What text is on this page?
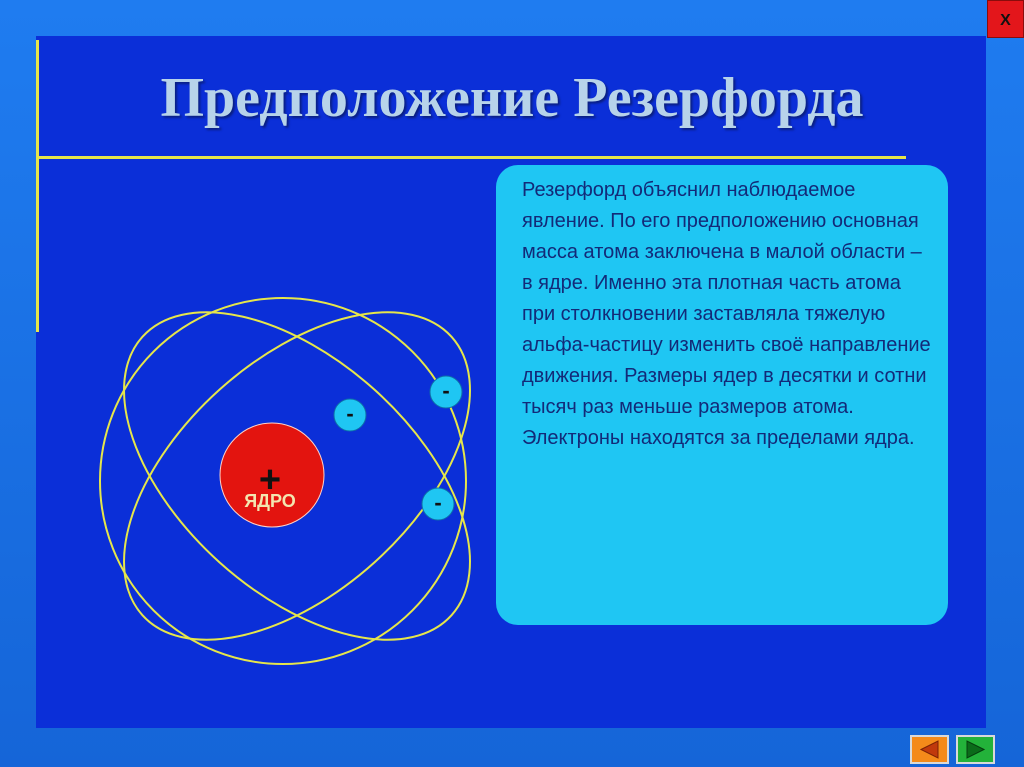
Предположение Резерфорда
+
ЯДРО
-
-
-

Резерфорд объяснил наблюдаемое явление. По его предположению основная масса атома заключена в малой области – в ядре. Именно эта плотная часть атома при столкновении заставляла тяжелую альфа-частицу изменить своё направление движения. Размеры ядер в десятки и сотни тысяч раз меньше размеров атома. Электроны находятся за пределами ядра.

X
